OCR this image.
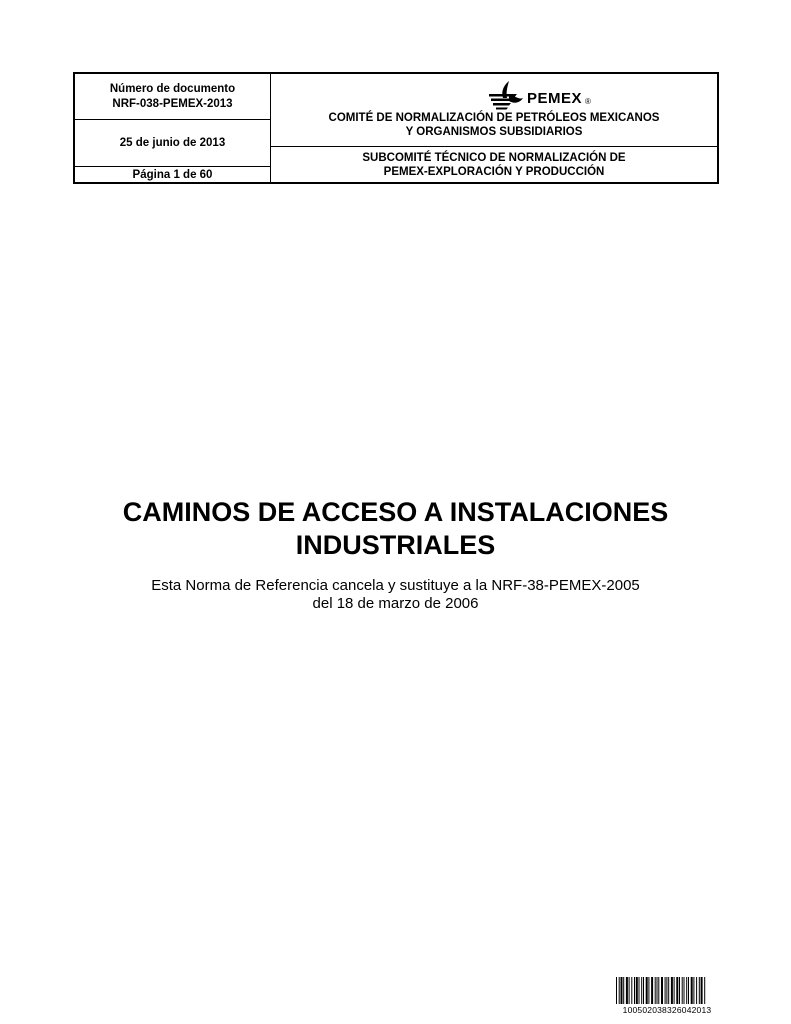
Número de documento
NRF-038-PEMEX-2013
25 de junio de 2013
Página 1 de 60
PEMEX ®
COMITÉ DE NORMALIZACIÓN DE PETRÓLEOS MEXICANOS
Y ORGANISMOS SUBSIDIARIOS
SUBCOMITÉ TÉCNICO DE NORMALIZACIÓN DE
PEMEX-EXPLORACIÓN Y PRODUCCIÓN
CAMINOS DE ACCESO A INSTALACIONES
INDUSTRIALES
Esta Norma de Referencia cancela y sustituye a la NRF-38-PEMEX-2005
del 18 de marzo de 2006
100502038326042013
